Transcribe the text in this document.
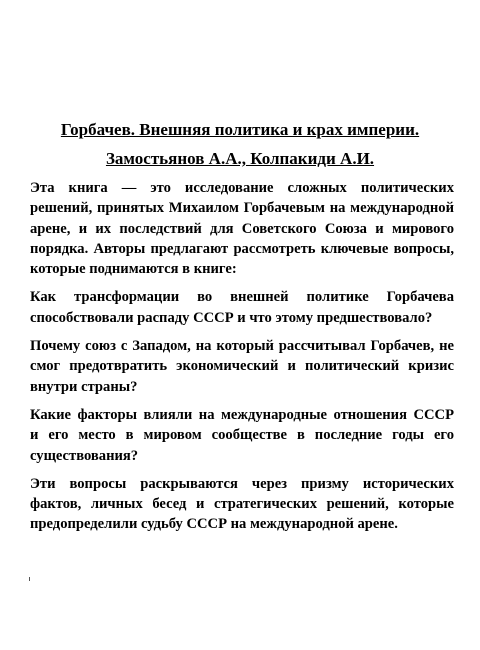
Горбачев. Внешняя политика и крах империи.
Замостьянов А.А., Колпакиди А.И.

Эта книга — это исследование сложных политических
решений, принятых Михаилом Горбачевым на международной
арене, и их последствий для Советского Союза и мирового
порядка. Авторы предлагают рассмотреть ключевые вопросы,
которые поднимаются в книге:

Как трансформации во внешней политике Горбачева
способствовали распаду СССР и что этому предшествовало?

Почему союз с Западом, на который рассчитывал Горбачев, не
смог предотвратить экономический и политический кризис
внутри страны?

Какие факторы влияли на международные отношения СССР
и его место в мировом сообществе в последние годы его
существования?

Эти вопросы раскрываются через призму исторических
фактов, личных бесед и стратегических решений, которые
предопределили судьбу СССР на международной арене.
